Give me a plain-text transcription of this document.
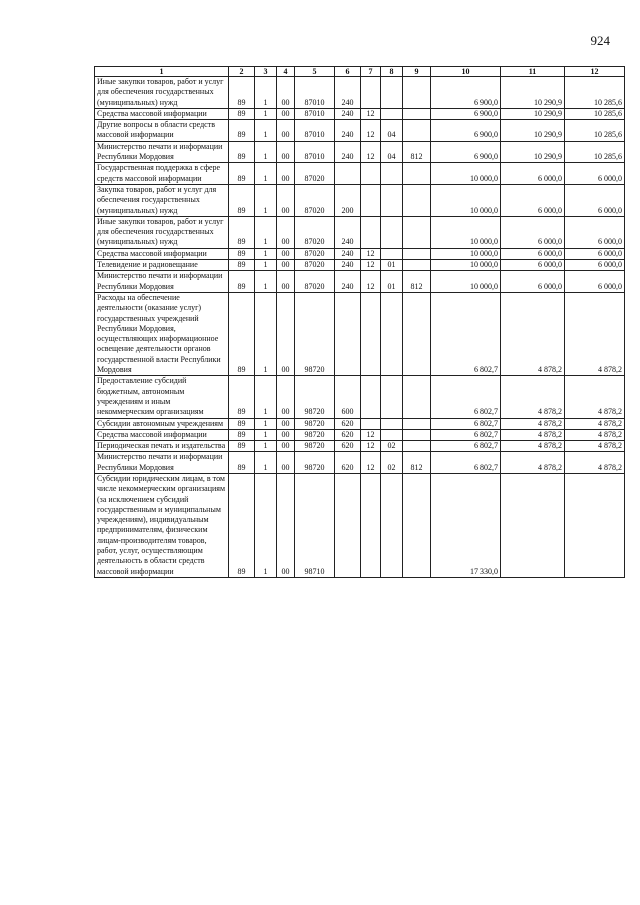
924
1	2	3	4	5	6	7	8	9	10	11	12
Иные закупки товаров, работ и услуг для обеспечения государственных (муниципальных) нужд	89	1	00	87010	240				6 900,0	10 290,9	10 285,6
Средства массовой информации	89	1	00	87010	240	12			6 900,0	10 290,9	10 285,6
Другие вопросы в области средств массовой информации	89	1	00	87010	240	12	04		6 900,0	10 290,9	10 285,6
Министерство печати и информации Республики Мордовия	89	1	00	87010	240	12	04	812	6 900,0	10 290,9	10 285,6
Государственная поддержка в сфере средств массовой информации	89	1	00	87020					10 000,0	6 000,0	6 000,0
Закупка товаров, работ и услуг для обеспечения государственных (муниципальных) нужд	89	1	00	87020	200				10 000,0	6 000,0	6 000,0
Иные закупки товаров, работ и услуг для обеспечения государственных (муниципальных) нужд	89	1	00	87020	240				10 000,0	6 000,0	6 000,0
Средства массовой информации	89	1	00	87020	240	12			10 000,0	6 000,0	6 000,0
Телевидение и радиовещание	89	1	00	87020	240	12	01		10 000,0	6 000,0	6 000,0
Министерство печати и информации Республики Мордовия	89	1	00	87020	240	12	01	812	10 000,0	6 000,0	6 000,0
Расходы на обеспечение деятельности (оказание услуг) государственных учреждений Республики Мордовия, осуществляющих информационное освещение деятельности органов государственной власти Республики Мордовия	89	1	00	98720					6 802,7	4 878,2	4 878,2
Предоставление субсидий бюджетным, автономным учреждениям и иным некоммерческим организациям	89	1	00	98720	600				6 802,7	4 878,2	4 878,2
Субсидии автономным учреждениям	89	1	00	98720	620				6 802,7	4 878,2	4 878,2
Средства массовой информации	89	1	00	98720	620	12			6 802,7	4 878,2	4 878,2
Периодическая печать и издательства	89	1	00	98720	620	12	02		6 802,7	4 878,2	4 878,2
Министерство печати и информации Республики Мордовия	89	1	00	98720	620	12	02	812	6 802,7	4 878,2	4 878,2
Субсидии юридическим лицам, в том числе некоммерческим организациям (за исключением субсидий государственным и муниципальным учреждениям), индивидуальным предпринимателям, физическим лицам-производителям товаров, работ, услуг, осуществляющим деятельность в области средств массовой информации	89	1	00	98710					17 330,0		
